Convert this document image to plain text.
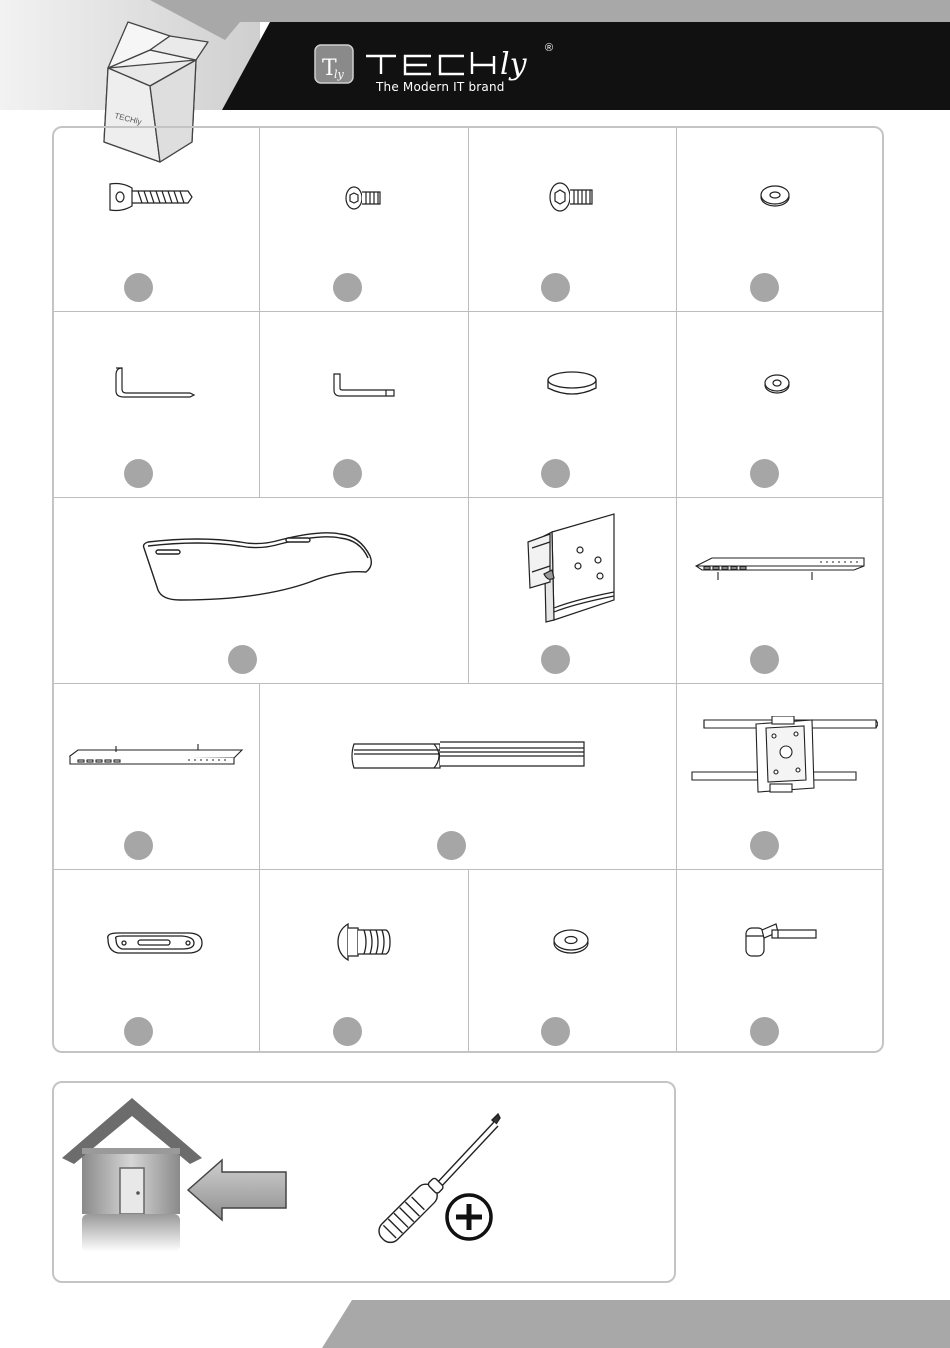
TECHly
T
ly	ly ®
The Modern IT brand
